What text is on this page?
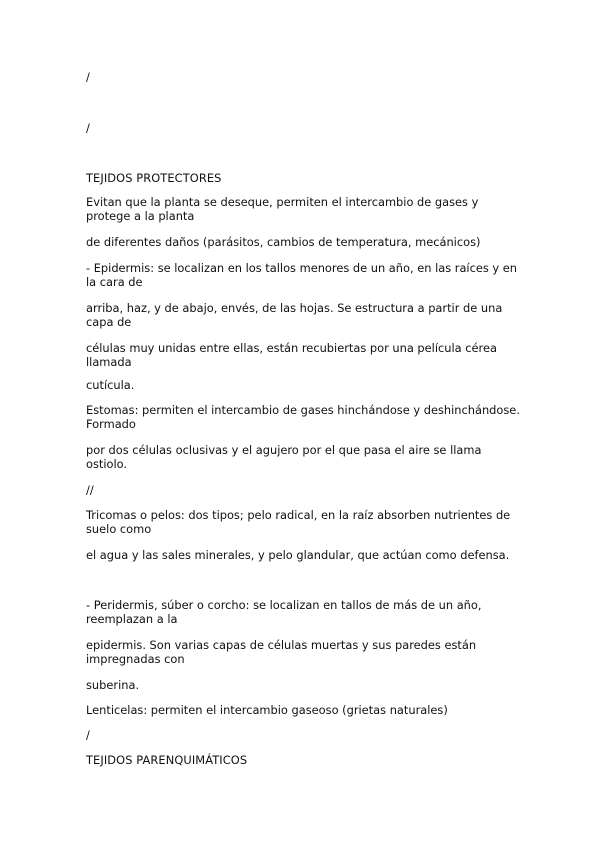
/

/

TEJIDOS PROTECTORES

Evitan que la planta se deseque, permiten el intercambio de gases y protege a la planta

de diferentes daños (parásitos, cambios de temperatura, mecánicos)

- Epidermis: se localizan en los tallos menores de un año, en las raíces y en la cara de

arriba, haz, y de abajo, envés, de las hojas. Se estructura a partir de una capa de

células muy unidas entre ellas, están recubiertas por una película cérea llamada

cutícula.

Estomas: permiten el intercambio de gases hinchándose y deshinchándose. Formado

por dos células oclusivas y el agujero por el que pasa el aire se llama ostiolo.

//

Tricomas o pelos: dos tipos; pelo radical, en la raíz absorben nutrientes de suelo como

el agua y las sales minerales, y pelo glandular, que actúan como defensa.

- Peridermis, súber o corcho: se localizan en tallos de más de un año, reemplazan a la

epidermis. Son varias capas de células muertas y sus paredes están impregnadas con

suberina.

Lenticelas: permiten el intercambio gaseoso (grietas naturales)

/

TEJIDOS PARENQUIMÁTICOS
